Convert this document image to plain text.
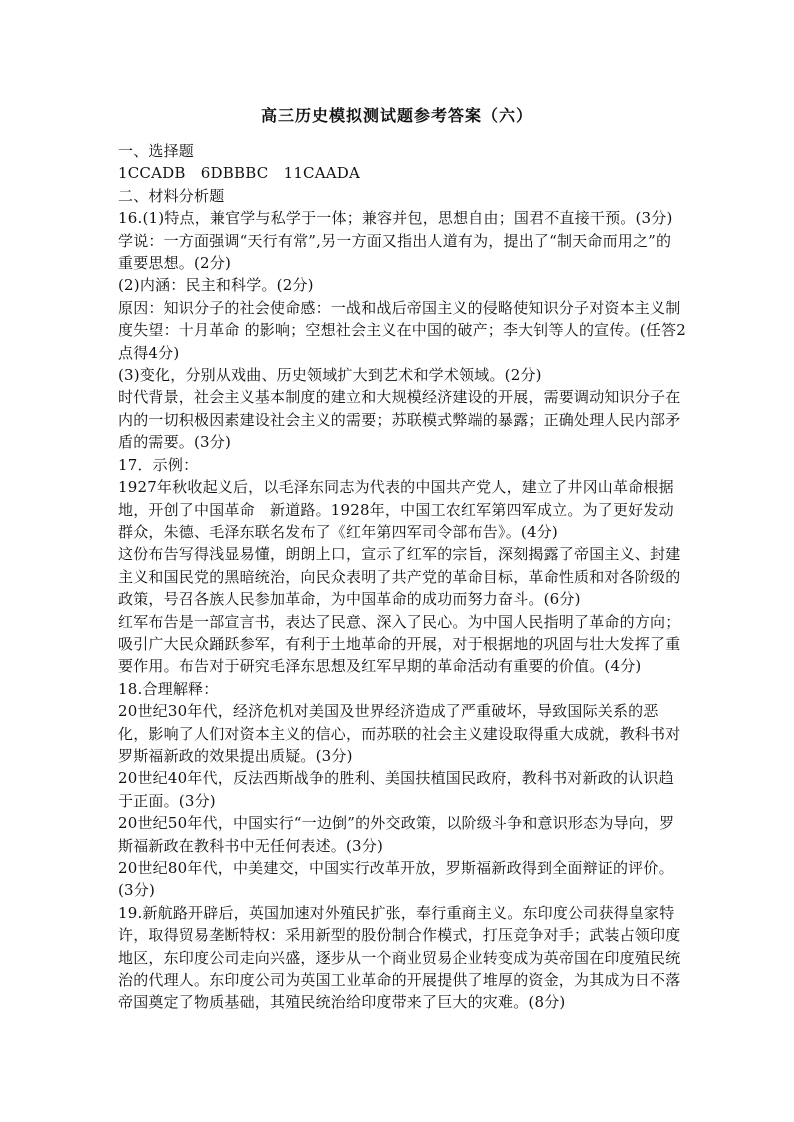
高三历史模拟测试题参考答案（六）

一、选择题

1CCADB　6DBBBC　11CAADA

二、材料分析题

16.(1)特点，兼官学与私学于一体；兼容并包，思想自由；国君不直接干预。(3分)

学说：一方面强调“天行有常”,另一方面又指出人道有为，提出了“制天命而用之”的重要思想。(2分)

(2)内涵：民主和科学。(2分)

原因：知识分子的社会使命感：一战和战后帝国主义的侵略使知识分子对资本主义制度失望：十月革命 的影响；空想社会主义在中国的破产；李大钊等人的宣传。(任答2点得4分)

(3)变化，分别从戏曲、历史领域扩大到艺术和学术领域。(2分)

时代背景，社会主义基本制度的建立和大规模经济建设的开展，需要调动知识分子在内的一切积极因素建设社会主义的需要；苏联模式弊端的暴露；正确处理人民内部矛盾的需要。(3分)

17．示例：

1927年秋收起义后，以毛泽东同志为代表的中国共产党人，建立了井冈山革命根据地，开创了中国革命　新道路。1928年，中国工农红军第四军成立。为了更好发动群众，朱德、毛泽东联名发布了《红年第四军司令部布告》。(4分)

这份布告写得浅显易懂，朗朗上口，宣示了红军的宗旨，深刻揭露了帝国主义、封建主义和国民党的黑暗统治，向民众表明了共产党的革命目标，革命性质和对各阶级的政策，号召各族人民参加革命，为中国革命的成功而努力奋斗。(6分)

红军布告是一部宣言书，表达了民意、深入了民心。为中国人民指明了革命的方向；吸引广大民众踊跃参军，有利于土地革命的开展，对于根据地的巩固与壮大发挥了重要作用。布告对于研究毛泽东思想及红军早期的革命活动有重要的价值。(4分)

18.合理解释：

20世纪30年代，经济危机对美国及世界经济造成了严重破坏，导致国际关系的恶化，影响了人们对资本主义的信心，而苏联的社会主义建设取得重大成就，教科书对罗斯福新政的效果提出质疑。(3分)

20世纪40年代，反法西斯战争的胜利、美国扶植国民政府，教科书对新政的认识趋于正面。(3分)

20世纪50年代，中国实行“一边倒”的外交政策，以阶级斗争和意识形态为导向，罗斯福新政在教科书中无任何表述。(3分)

20世纪80年代，中美建交，中国实行改革开放，罗斯福新政得到全面辩证的评价。(3分)

19.新航路开辟后，英国加速对外殖民扩张，奉行重商主义。东印度公司获得皇家特许，取得贸易垄断特权：采用新型的股份制合作模式，打压竞争对手；武装占领印度地区，东印度公司走向兴盛，逐步从一个商业贸易企业转变成为英帝国在印度殖民统治的代理人。东印度公司为英国工业革命的开展提供了堆厚的资金，为其成为日不落帝国奠定了物质基础，其殖民统治给印度带来了巨大的灾难。(8分)
